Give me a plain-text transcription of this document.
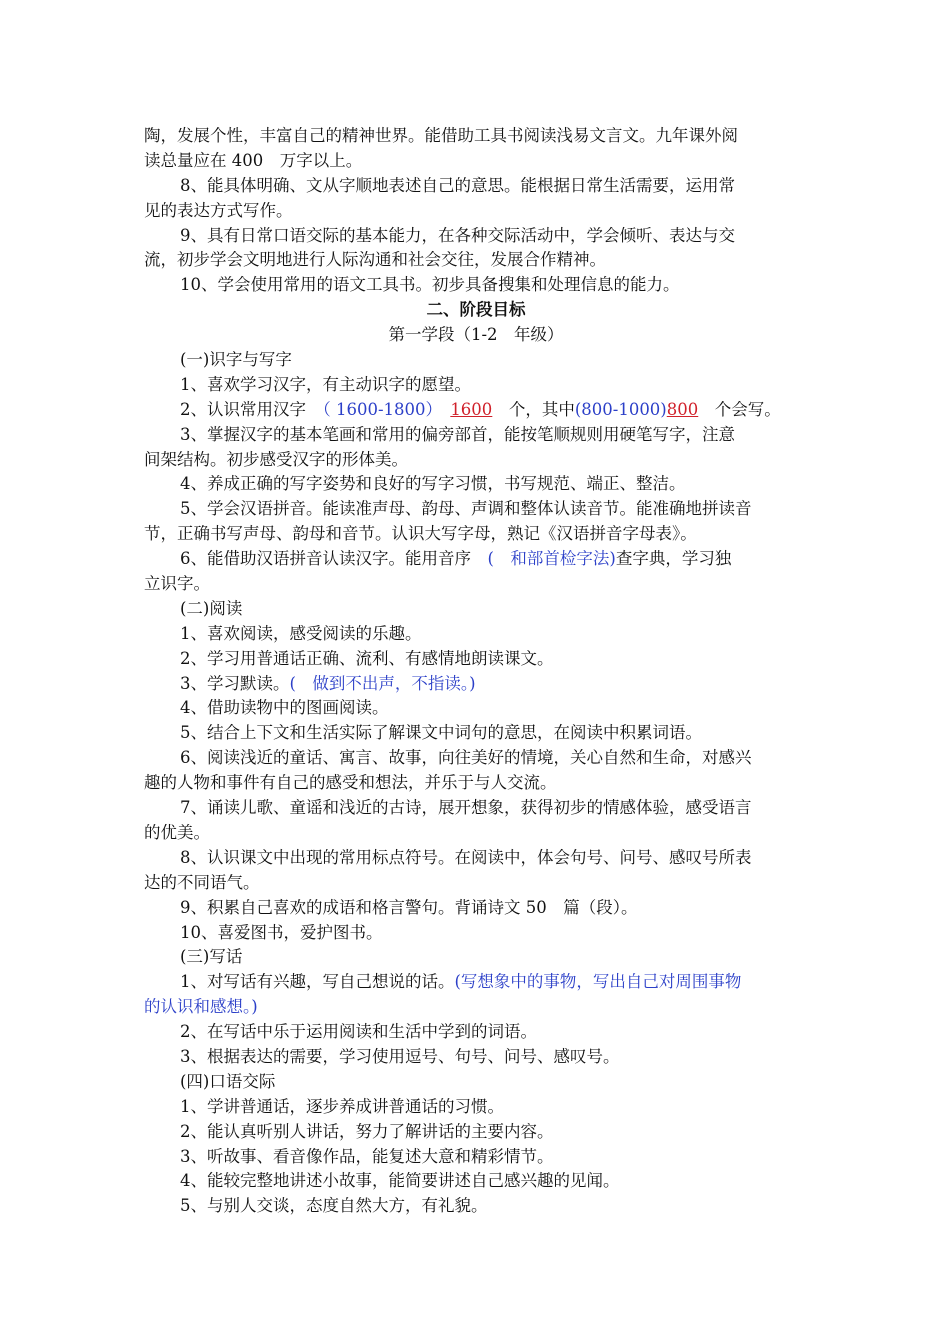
陶，发展个性，丰富自己的精神世界。能借助工具书阅读浅易文言文。九年课外阅
读总量应在 400　万字以上。
8、能具体明确、文从字顺地表述自己的意思。能根据日常生活需要，运用常
见的表达方式写作。
9、具有日常口语交际的基本能力，在各种交际活动中，学会倾听、表达与交
流，初步学会文明地进行人际沟通和社会交往，发展合作精神。
10、学会使用常用的语文工具书。初步具备搜集和处理信息的能力。
二、阶段目标
第一学段（1-2　年级）
(一)识字与写字
1、喜欢学习汉字，有主动识字的愿望。
2、认识常用汉字　（ 1600-1800）　 1600　个，其中(800-1000)800　个会写。
3、掌握汉字的基本笔画和常用的偏旁部首，能按笔顺规则用硬笔写字，注意
间架结构。初步感受汉字的形体美。
4、养成正确的写字姿势和良好的写字习惯，书写规范、端正、整洁。
5、学会汉语拼音。能读准声母、韵母、声调和整体认读音节。能准确地拼读音
节，正确书写声母、韵母和音节。认识大写字母，熟记《汉语拼音字母表》。
6、能借助汉语拼音认读汉字。能用音序　(　和部首检字法)查字典，学习独
立识字。
(二)阅读
1、喜欢阅读，感受阅读的乐趣。
2、学习用普通话正确、流利、有感情地朗读课文。
3、学习默读。(　做到不出声，不指读。)
4、借助读物中的图画阅读。
5、结合上下文和生活实际了解课文中词句的意思，在阅读中积累词语。
6、阅读浅近的童话、寓言、故事，向往美好的情境，关心自然和生命，对感兴
趣的人物和事件有自己的感受和想法，并乐于与人交流。
7、诵读儿歌、童谣和浅近的古诗，展开想象，获得初步的情感体验，感受语言
的优美。
8、认识课文中出现的常用标点符号。在阅读中，体会句号、问号、感叹号所表
达的不同语气。
9、积累自己喜欢的成语和格言警句。背诵诗文 50　篇（段）。
10、喜爱图书，爱护图书。
(三)写话
1、对写话有兴趣，写自己想说的话。(写想象中的事物，写出自己对周围事物
的认识和感想。)
2、在写话中乐于运用阅读和生活中学到的词语。
3、根据表达的需要，学习使用逗号、句号、问号、感叹号。
(四)口语交际
1、学讲普通话，逐步养成讲普通话的习惯。
2、能认真听别人讲话，努力了解讲话的主要内容。
3、听故事、看音像作品，能复述大意和精彩情节。
4、能较完整地讲述小故事，能简要讲述自己感兴趣的见闻。
5、与别人交谈，态度自然大方，有礼貌。
